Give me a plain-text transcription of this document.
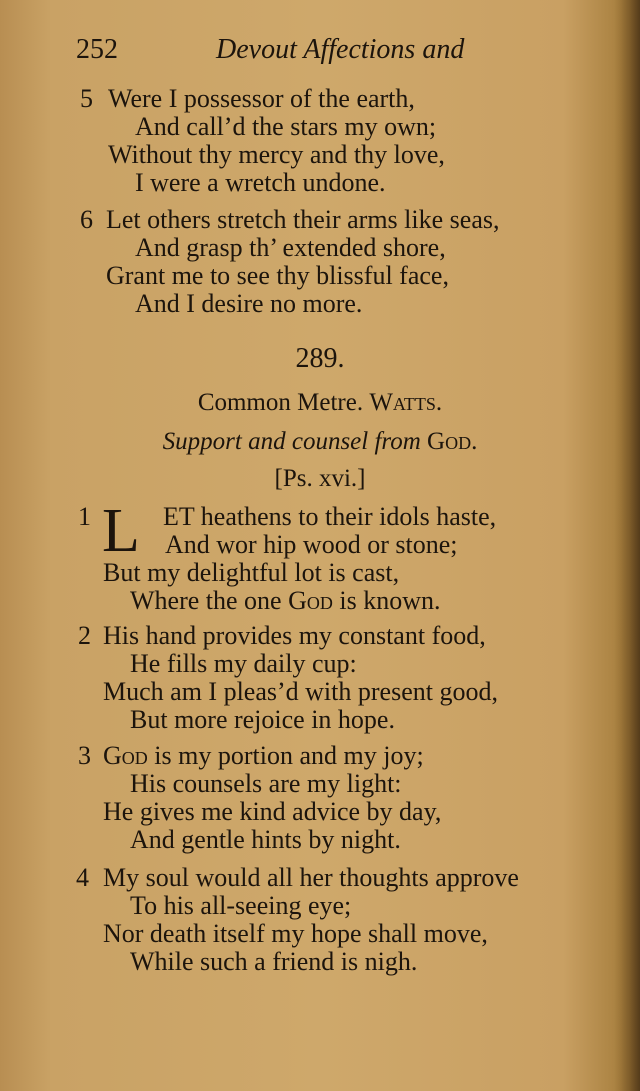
252	Devout Affections and
5 Were I possessor of the earth,
And call’d the stars my own;
Without thy mercy and thy love,
I were a wretch undone.
6 Let others stretch their arms like seas,
And grasp th’ extended shore,
Grant me to see thy blissful face,
And I desire no more.
289.
Common Metre. Watts.
Support and counsel from God.
[Ps. xvi.]
1 L ET heathens to their idols haste,
And wor hip wood or stone;
But my delightful lot is cast,
Where the one God is known.
2 His hand provides my constant food,
He fills my daily cup:
Much am I pleas’d with present good,
But more rejoice in hope.
3 God is my portion and my joy;
His counsels are my light:
He gives me kind advice by day,
And gentle hints by night.
4 My soul would all her thoughts approve
To his all-seeing eye;
Nor death itself my hope shall move,
While such a friend is nigh.
